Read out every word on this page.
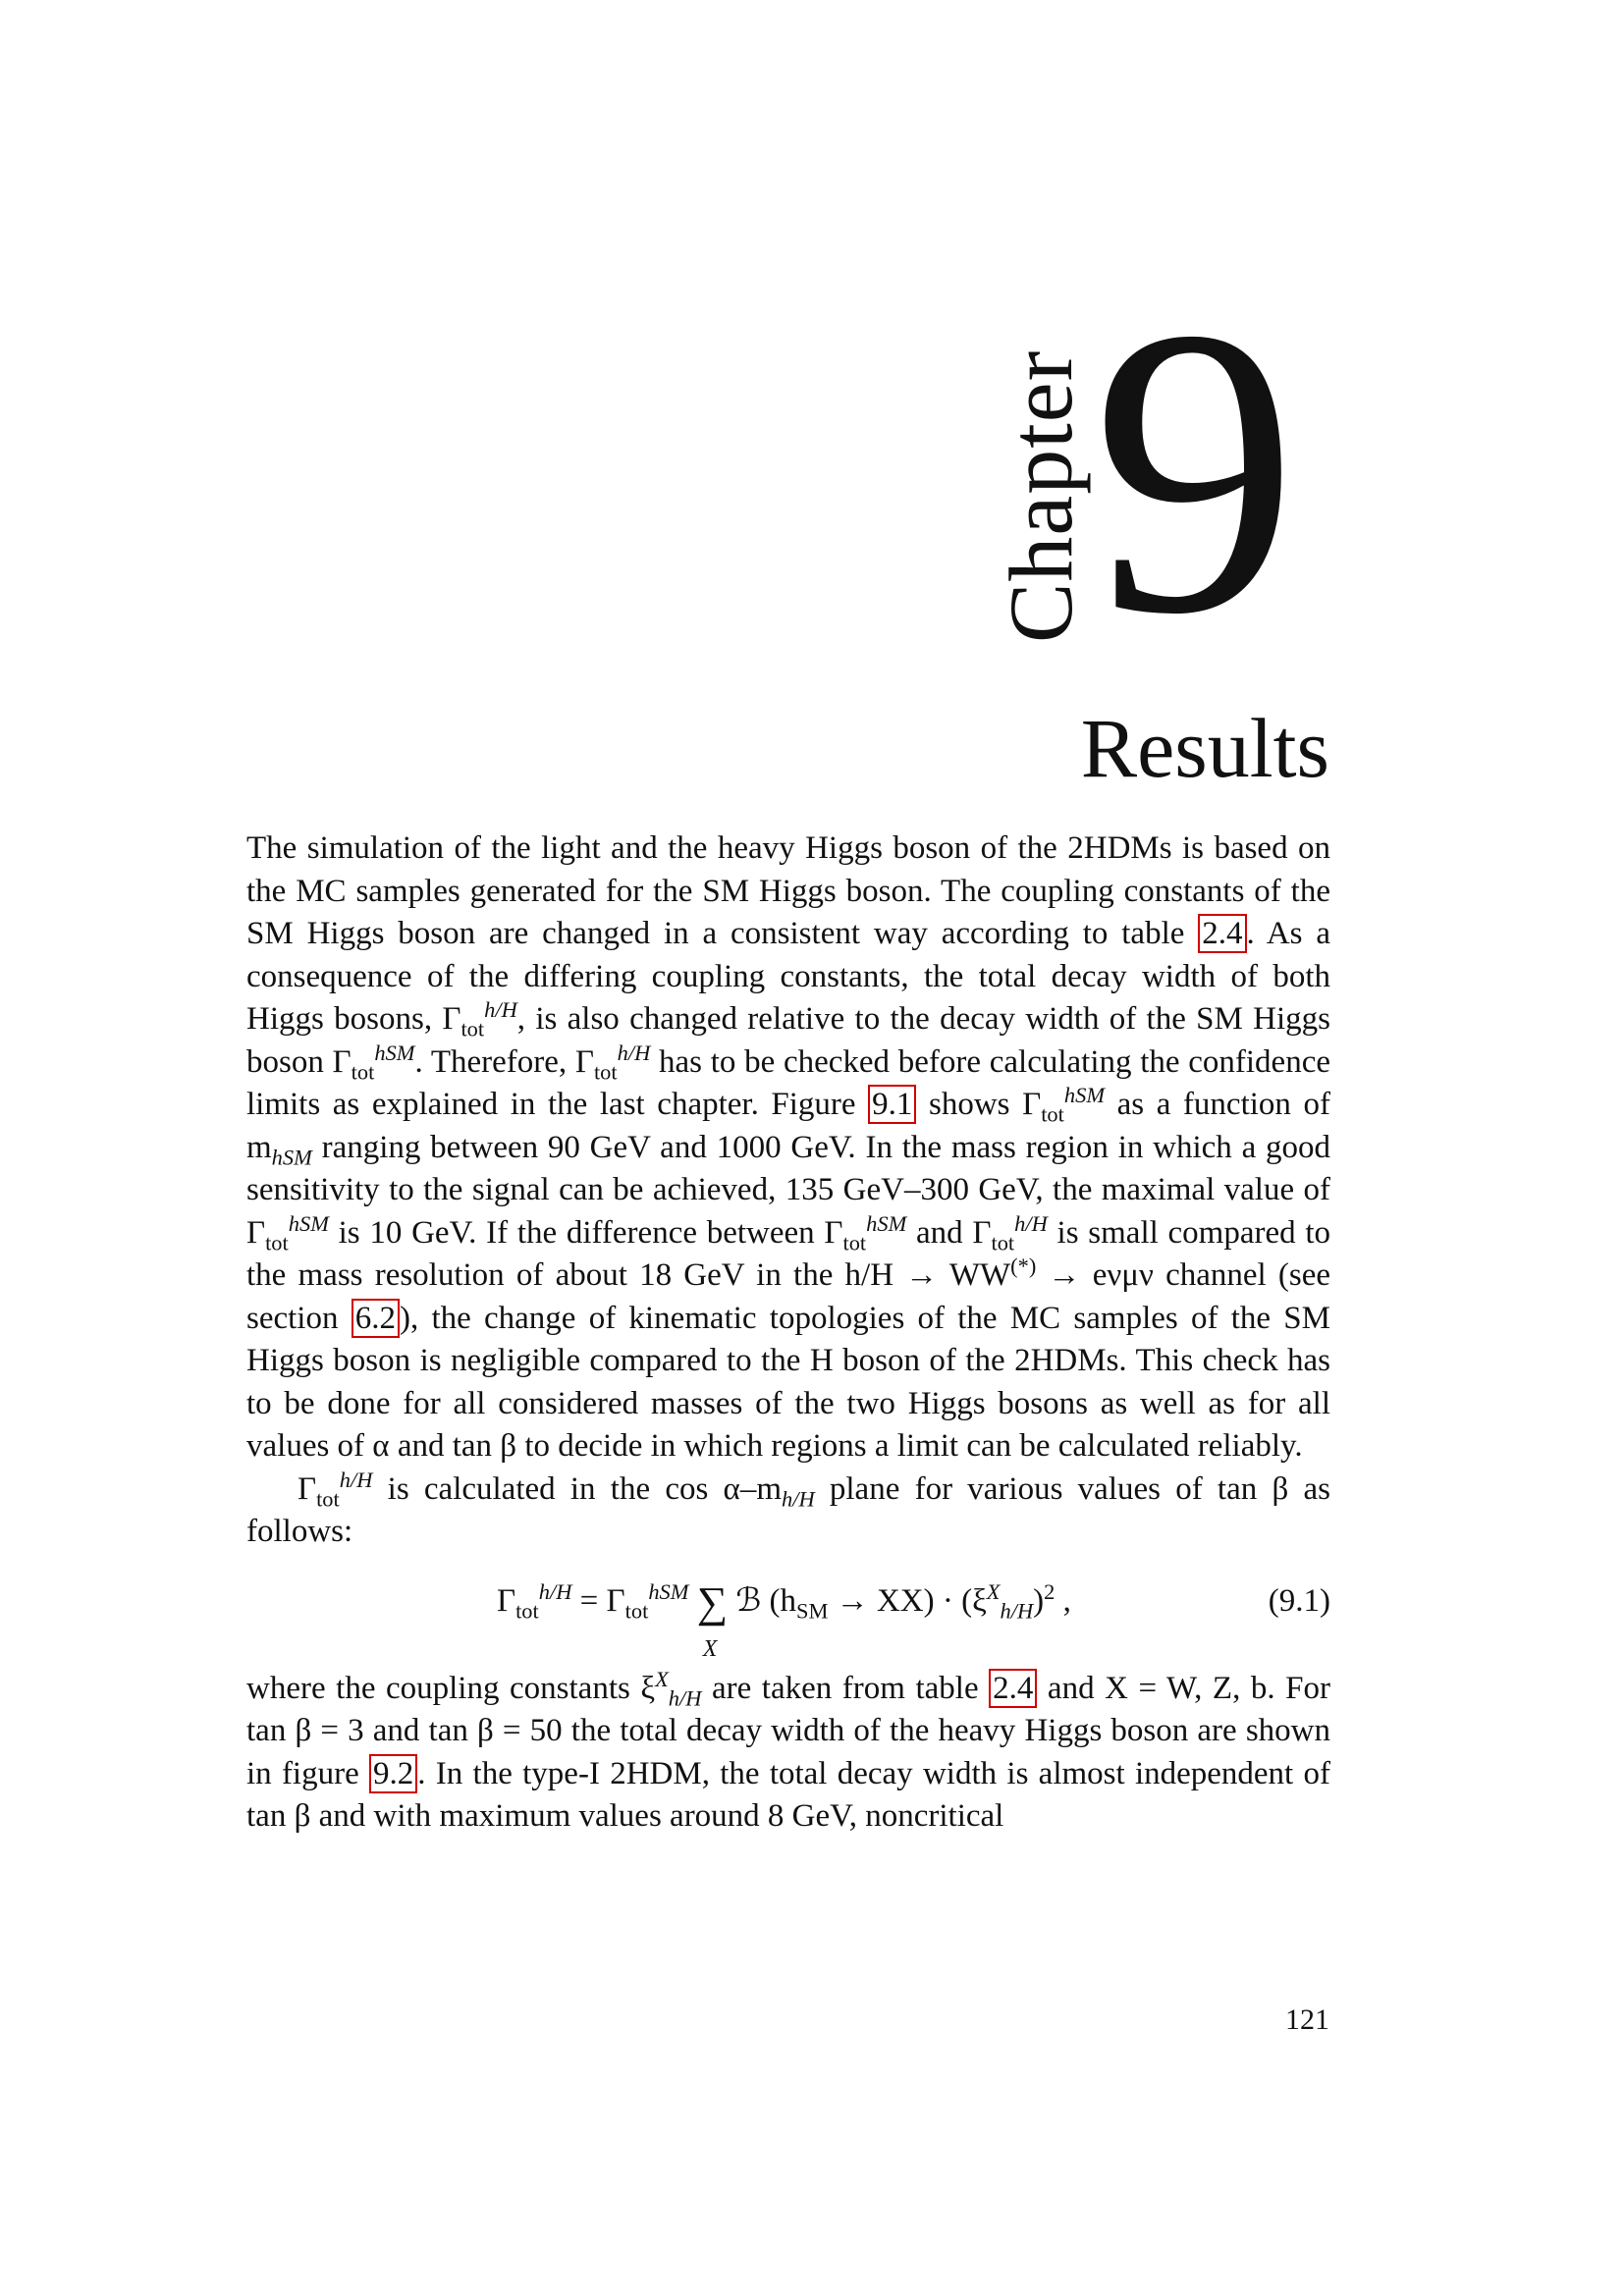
Chapter 9
Results

The simulation of the light and the heavy Higgs boson of the 2HDMs is based on the MC samples generated for the SM Higgs boson. The coupling constants of the SM Higgs boson are changed in a consistent way according to table 2.4 . As a consequence of the differing coupling constants, the total decay width of both Higgs bosons, $\Gamma_{tot}^{h/H}$, is also changed relative to the decay width of the SM Higgs boson $\Gamma_{tot}^{hSM}$. Therefore, $\Gamma_{tot}^{h/H}$ has to be checked before calculating the confidence limits as explained in the last chapter. Figure 9.1 shows $\Gamma_{tot}^{hSM}$ as a function of $m_{hSM}$ ranging between 90 GeV and 1000 GeV. In the mass region in which a good sensitivity to the signal can be achieved, 135 GeV–300 GeV, the maximal value of $\Gamma_{tot}^{hSM}$ is 10 GeV. If the difference between $\Gamma_{tot}^{hSM}$ and $\Gamma_{tot}^{h/H}$ is small compared to the mass resolution of about 18 GeV in the h/H → WW(*) → eνμν channel (see section 6.2 ), the change of kinematic topologies of the MC samples of the SM Higgs boson is negligible compared to the H boson of the 2HDMs. This check has to be done for all considered masses of the two Higgs bosons as well as for all values of α and tan β to decide in which regions a limit can be calculated reliably.

$\Gamma_{tot}^{h/H}$ is calculated in the $\cos \alpha-m_{h/H}$ plane for various values of tan β as follows:

$\Gamma_{tot}^{h/H} = \Gamma_{tot}^{hSM}$ ∑
X
ℬ $(h_{SM} \to XX) \cdot (\xi^X_{h/H})^2$ ,	(9.1)

where the coupling constants $\xi^X_{h/H}$ are taken from table 2.4 and X = W, Z, b. For tan β = 3 and tan β = 50 the total decay width of the heavy Higgs boson are shown in figure 9.2 . In the type-I 2HDM, the total decay width is almost independent of tan β and with maximum values around 8 GeV, noncritical

121
